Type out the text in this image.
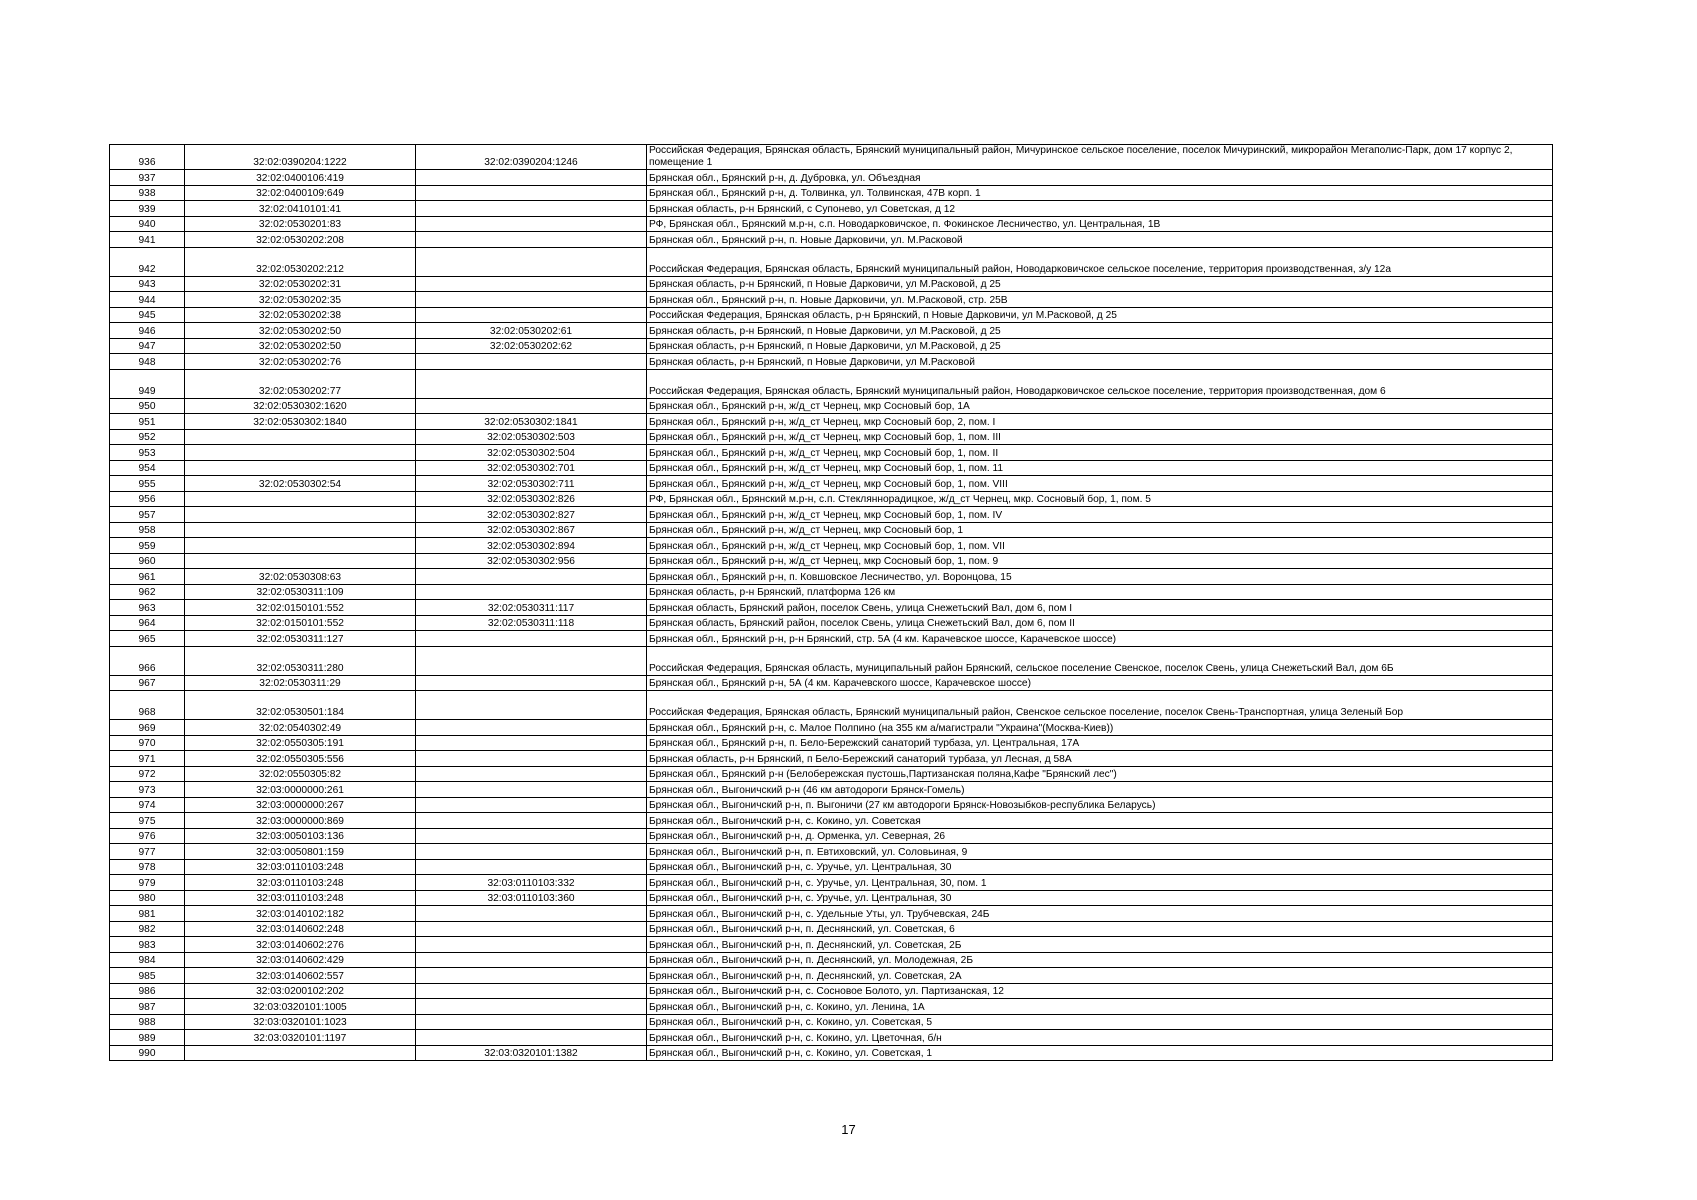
936	32:02:0390204:1222	32:02:0390204:1246	Российская Федерация, Брянская область, Брянский муниципальный район, Мичуринское сельское поселение, поселок Мичуринский, микрорайон Мегаполис-Парк, дом 17 корпус 2, помещение 1
937	32:02:0400106:419		Брянская обл., Брянский р-н, д. Дубровка, ул. Объездная
938	32:02:0400109:649		Брянская обл., Брянский р-н, д. Толвинка, ул. Толвинская, 47В корп. 1
939	32:02:0410101:41		Брянская область, р-н Брянский, с Супонево, ул Советская, д 12
940	32:02:0530201:83		РФ, Брянская обл., Брянский м.р-н, с.п. Новодарковичское, п. Фокинское Лесничество, ул. Центральная, 1В
941	32:02:0530202:208		Брянская обл., Брянский р-н, п. Новые Дарковичи, ул. М.Расковой
942	32:02:0530202:212		Российская Федерация, Брянская область, Брянский муниципальный район, Новодарковичское сельское поселение, территория производственная, з/у 12а
943	32:02:0530202:31		Брянская область, р-н Брянский, п Новые Дарковичи, ул М.Расковой, д 25
944	32:02:0530202:35		Брянская обл., Брянский р-н, п. Новые Дарковичи, ул. М.Расковой, стр. 25В
945	32:02:0530202:38		Российская Федерация, Брянская область, р-н Брянский, п Новые Дарковичи, ул М.Расковой, д 25
946	32:02:0530202:50	32:02:0530202:61	Брянская область, р-н Брянский, п Новые Дарковичи, ул М.Расковой, д 25
947	32:02:0530202:50	32:02:0530202:62	Брянская область, р-н Брянский, п Новые Дарковичи, ул М.Расковой, д 25
948	32:02:0530202:76		Брянская область, р-н Брянский, п Новые Дарковичи, ул М.Расковой
949	32:02:0530202:77		Российская Федерация, Брянская область, Брянский муниципальный район, Новодарковичское сельское поселение, территория производственная, дом 6
950	32:02:0530302:1620		Брянская обл., Брянский р-н, ж/д_ст Чернец, мкр Сосновый бор, 1А
951	32:02:0530302:1840	32:02:0530302:1841	Брянская обл., Брянский р-н, ж/д_ст Чернец, мкр Сосновый бор, 2, пом. I
952		32:02:0530302:503	Брянская обл., Брянский р-н, ж/д_ст Чернец, мкр Сосновый бор, 1, пом. III
953		32:02:0530302:504	Брянская обл., Брянский р-н, ж/д_ст Чернец, мкр Сосновый бор, 1, пом. II
954		32:02:0530302:701	Брянская обл., Брянский р-н, ж/д_ст Чернец, мкр Сосновый бор, 1, пом. 11
955	32:02:0530302:54	32:02:0530302:711	Брянская обл., Брянский р-н, ж/д_ст Чернец, мкр Сосновый бор, 1, пом. VIII
956		32:02:0530302:826	РФ, Брянская обл., Брянский м.р-н, с.п. Стекляннорадицкое, ж/д_ст Чернец, мкр. Сосновый бор, 1, пом. 5
957		32:02:0530302:827	Брянская обл., Брянский р-н, ж/д_ст Чернец, мкр Сосновый бор, 1, пом. IV
958		32:02:0530302:867	Брянская обл., Брянский р-н, ж/д_ст Чернец, мкр Сосновый бор, 1
959		32:02:0530302:894	Брянская обл., Брянский р-н, ж/д_ст Чернец, мкр Сосновый бор, 1, пом. VII
960		32:02:0530302:956	Брянская обл., Брянский р-н, ж/д_ст Чернец, мкр Сосновый бор, 1, пом. 9
961	32:02:0530308:63		Брянская обл., Брянский р-н, п. Ковшовское Лесничество, ул. Воронцова, 15
962	32:02:0530311:109		Брянская область, р-н Брянский, платформа 126 км
963	32:02:0150101:552	32:02:0530311:117	Брянская область, Брянский район, поселок Свень, улица Снежетьский Вал, дом 6, пом I
964	32:02:0150101:552	32:02:0530311:118	Брянская область, Брянский район, поселок Свень, улица Снежетьский Вал, дом 6, пом II
965	32:02:0530311:127		Брянская обл., Брянский р-н, р-н Брянский, стр. 5А (4 км. Карачевское шоссе, Карачевское шоссе)
966	32:02:0530311:280		Российская Федерация, Брянская область, муниципальный район Брянский, сельское поселение Свенское, поселок Свень, улица Снежетьский Вал, дом 6Б
967	32:02:0530311:29		Брянская обл., Брянский р-н, 5А (4 км. Карачевского шоссе, Карачевское шоссе)
968	32:02:0530501:184		Российская Федерация, Брянская область, Брянский муниципальный район, Свенское сельское поселение, поселок Свень-Транспортная, улица Зеленый Бор
969	32:02:0540302:49		Брянская обл., Брянский р-н, с. Малое Полпино (на 355 км а/магистрали "Украина"(Москва-Киев))
970	32:02:0550305:191		Брянская обл., Брянский р-н, п. Бело-Бережский санаторий турбаза, ул. Центральная, 17А
971	32:02:0550305:556		Брянская область, р-н Брянский, п Бело-Бережский санаторий турбаза, ул Лесная, д 58А
972	32:02:0550305:82		Брянская обл., Брянский р-н (Белобережская пустошь,Партизанская поляна,Кафе "Брянский лес")
973	32:03:0000000:261		Брянская обл., Выгоничский р-н (46 км автодороги Брянск-Гомель)
974	32:03:0000000:267		Брянская обл., Выгоничский р-н, п. Выгоничи (27 км автодороги Брянск-Новозыбков-республика Беларусь)
975	32:03:0000000:869		Брянская обл., Выгоничский р-н, с. Кокино, ул. Советская
976	32:03:0050103:136		Брянская обл., Выгоничский р-н, д. Орменка, ул. Северная, 26
977	32:03:0050801:159		Брянская обл., Выгоничский р-н, п. Евтиховский, ул. Соловьиная, 9
978	32:03:0110103:248		Брянская обл., Выгоничский р-н, с. Уручье, ул. Центральная, 30
979	32:03:0110103:248	32:03:0110103:332	Брянская обл., Выгоничский р-н, с. Уручье, ул. Центральная, 30, пом. 1
980	32:03:0110103:248	32:03:0110103:360	Брянская обл., Выгоничский р-н, с. Уручье, ул. Центральная, 30
981	32:03:0140102:182		Брянская обл., Выгоничский р-н, с. Удельные Уты, ул. Трубчевская, 24Б
982	32:03:0140602:248		Брянская обл., Выгоничский р-н, п. Деснянский, ул. Советская, 6
983	32:03:0140602:276		Брянская обл., Выгоничский р-н, п. Деснянский, ул. Советская, 2Б
984	32:03:0140602:429		Брянская обл., Выгоничский р-н, п. Деснянский, ул. Молодежная, 2Б
985	32:03:0140602:557		Брянская обл., Выгоничский р-н, п. Деснянский, ул. Советская, 2А
986	32:03:0200102:202		Брянская обл., Выгоничский р-н, с. Сосновое Болото, ул. Партизанская, 12
987	32:03:0320101:1005		Брянская обл., Выгоничский р-н, с. Кокино, ул. Ленина, 1А
988	32:03:0320101:1023		Брянская обл., Выгоничский р-н, с. Кокино, ул. Советская, 5
989	32:03:0320101:1197		Брянская обл., Выгоничский р-н, с. Кокино, ул. Цветочная, б/н
990		32:03:0320101:1382	Брянская обл., Выгоничский р-н, с. Кокино, ул. Советская, 1
17
